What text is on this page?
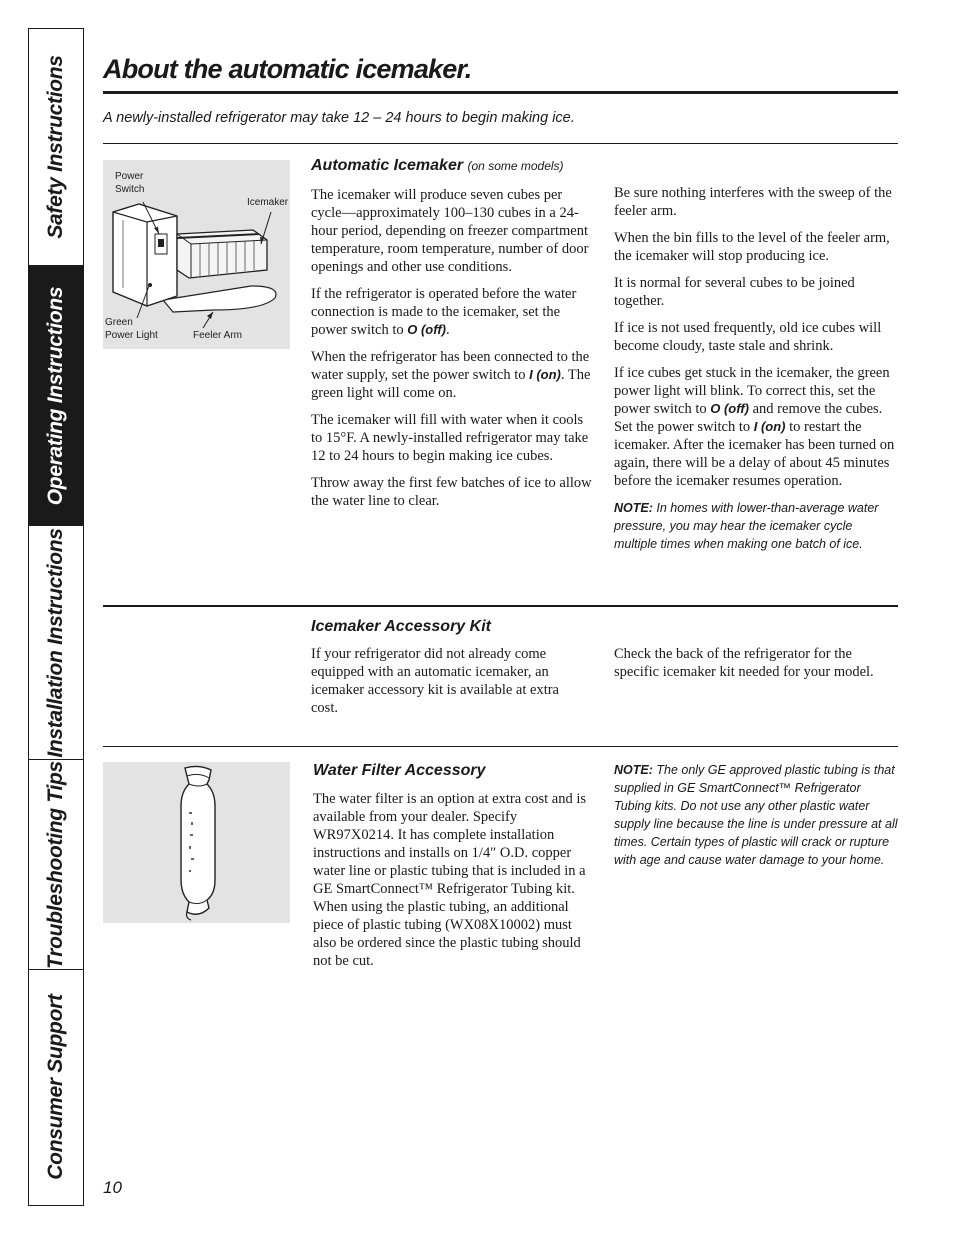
Safety Instructions
Operating Instructions
Installation Instructions
Troubleshooting Tips
Consumer Support
About the automatic icemaker.
A newly-installed refrigerator may take 12 – 24 hours to begin making ice.
Power
Switch
Icemaker
Green
Power Light	Feeler Arm
Automatic Icemaker (on some models)

The icemaker will produce seven cubes per cycle—approximately 100–130 cubes in a 24-hour period, depending on freezer compartment temperature, room temperature, number of door openings and other use conditions.

If the refrigerator is operated before the water connection is made to the icemaker, set the power switch to O (off).

When the refrigerator has been connected to the water supply, set the power switch to I (on). The green light will come on.

The icemaker will fill with water when it cools to 15°F. A newly-installed refrigerator may take 12 to 24 hours to begin making ice cubes.

Throw away the first few batches of ice to allow the water line to clear.

Be sure nothing interferes with the sweep of the feeler arm.

When the bin fills to the level of the feeler arm, the icemaker will stop producing ice.

It is normal for several cubes to be joined together.

If ice is not used frequently, old ice cubes will become cloudy, taste stale and shrink.

If ice cubes get stuck in the icemaker, the green power light will blink. To correct this, set the power switch to O (off) and remove the cubes. Set the power switch to I (on) to restart the icemaker. After the icemaker has been turned on again, there will be a delay of about 45 minutes before the icemaker resumes operation.

NOTE: In homes with lower-than-average water pressure, you may hear the icemaker cycle multiple times when making one batch of ice.

Icemaker Accessory Kit

If your refrigerator did not already come equipped with an automatic icemaker, an icemaker accessory kit is available at extra cost.

Check the back of the refrigerator for the specific icemaker kit needed for your model.

Water Filter Accessory

The water filter is an option at extra cost and is available from your dealer. Specify WR97X0214. It has complete installation instructions and installs on 1/4″ O.D. copper water line or plastic tubing that is included in a GE SmartConnect™ Refrigerator Tubing kit. When using the plastic tubing, an additional piece of plastic tubing (WX08X10002) must also be ordered since the plastic tubing should not be cut.

NOTE: The only GE approved plastic tubing is that supplied in GE SmartConnect™ Refrigerator Tubing kits. Do not use any other plastic water supply line because the line is under pressure at all times. Certain types of plastic will crack or rupture with age and cause water damage to your home.

10
